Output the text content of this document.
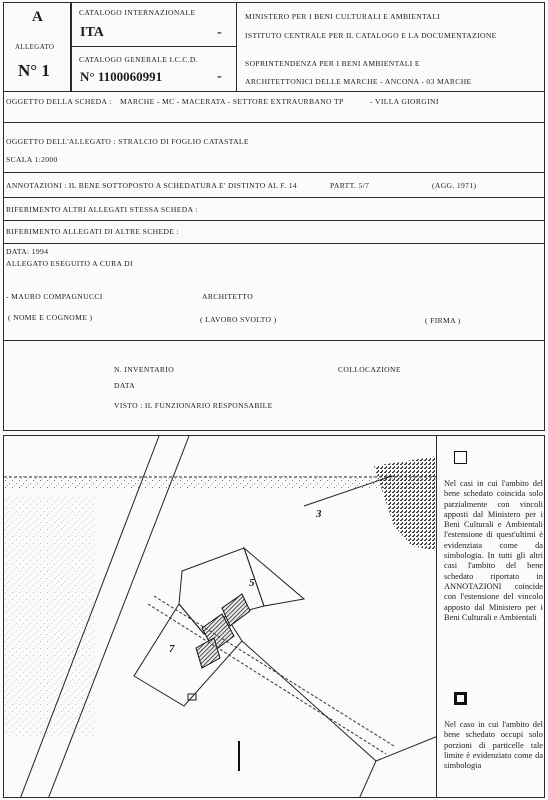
A
ALLEGATO
N° 1
CATALOGO INTERNAZIONALE
ITA	-
CATALOGO GENERALE I.C.C.D.
N° 1100060991	-
MINISTERO PER I BENI CULTURALI E AMBIENTALI
ISTITUTO CENTRALE PER IL CATALOGO E LA DOCUMENTAZIONE
SOPRINTENDENZA PER I BENI AMBIENTALI E
ARCHITETTONICI DELLE MARCHE - ANCONA - 03 MARCHE
OGGETTO DELLA SCHEDA : MARCHE - MC - MACERATA - SETTORE EXTRAURBANO TP	- VILLA GIORGINI
OGGETTO DELL'ALLEGATO : STRALCIO DI FOGLIO CATASTALE
SCALA 1:2000
ANNOTAZIONI : IL BENE SOTTOPOSTO A SCHEDATURA E' DISTINTO AL F. 14	PARTT. 5/7	(AGG. 1971)
RIFERIMENTO ALTRI ALLEGATI STESSA SCHEDA :
RIFERIMENTO ALLEGATI DI ALTRE SCHEDE :
DATA: 1994
ALLEGATO ESEGUITO A CURA DI
- MAURO COMPAGNUCCI	ARCHITETTO
( NOME E COGNOME )	( LAVORO SVOLTO )	( FIRMA )
N. INVENTARIO	COLLOCAZIONE
DATA
VISTO : IL FUNZIONARIO RESPONSABILE
3
5
7
Nel casi in cui l'ambito del bene schedato coincida solo parzialmente con vincoli apposti dal Ministero per i Beni Culturali e Ambientali l'estensione di quest'ultimi è evidenziata come da simbologia. In tutti gli altri casi l'ambito del bene schedato riportato in ANNOTAZIONI coincide con l'estensione del vincolo apposto dal Ministero per i Beni Culturali e Ambientali
Nel caso in cui l'ambito del bene schedato occupi solo porzioni di particelle tale limite è evidenziato come da simbologia
